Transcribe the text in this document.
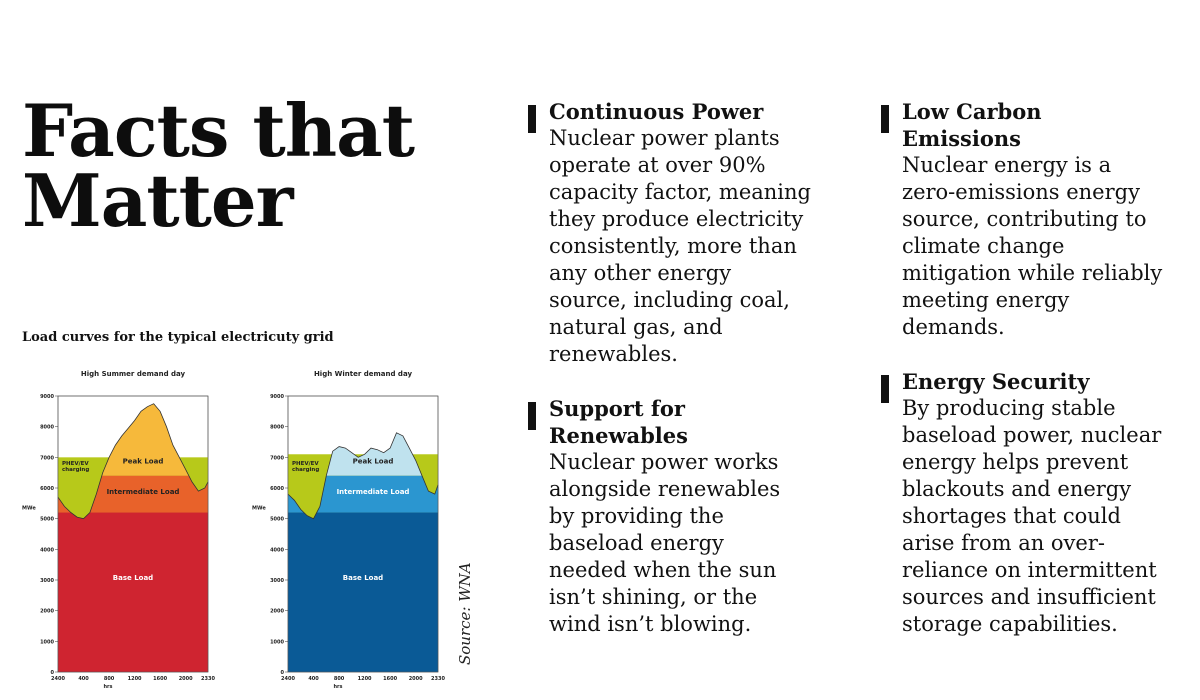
Facts that Matter

Load curves for the typical electricuty grid

High Summer demand day
0
1000
2000
3000
4000
5000
6000
7000
8000
9000
2400	400	800	1200 1600 2000 2330
hrs
MWe
Base Load
Intermediate Load
Peak Load
PHEV/EV
charging
High Winter demand day
0
1000
2000
3000
4000
5000
6000
7000
8000
9000
2400	400	800	1200 1600 2000 2330
hrs
MWe
Base Load
Intermediate Load
Peak Load
PHEV/EV
charging
Source: WNA
Continuous Power

Nuclear power plants operate at over 90% capacity factor, meaning they produce electricity consistently, more than any other energy source, including coal, natural gas, and renewables.

Support for Renewables

Nuclear power works alongside renewables by providing the baseload energy needed when the sun isn’t shining, or the wind isn’t blowing.

Low Carbon Emissions

Nuclear energy is a zero-emissions energy source, contributing to climate change mitigation while reliably meeting energy demands.

Energy Security

By producing stable baseload power, nuclear energy helps prevent blackouts and energy shortages that could arise from an over-reliance on intermittent sources and insufficient storage capabilities.
